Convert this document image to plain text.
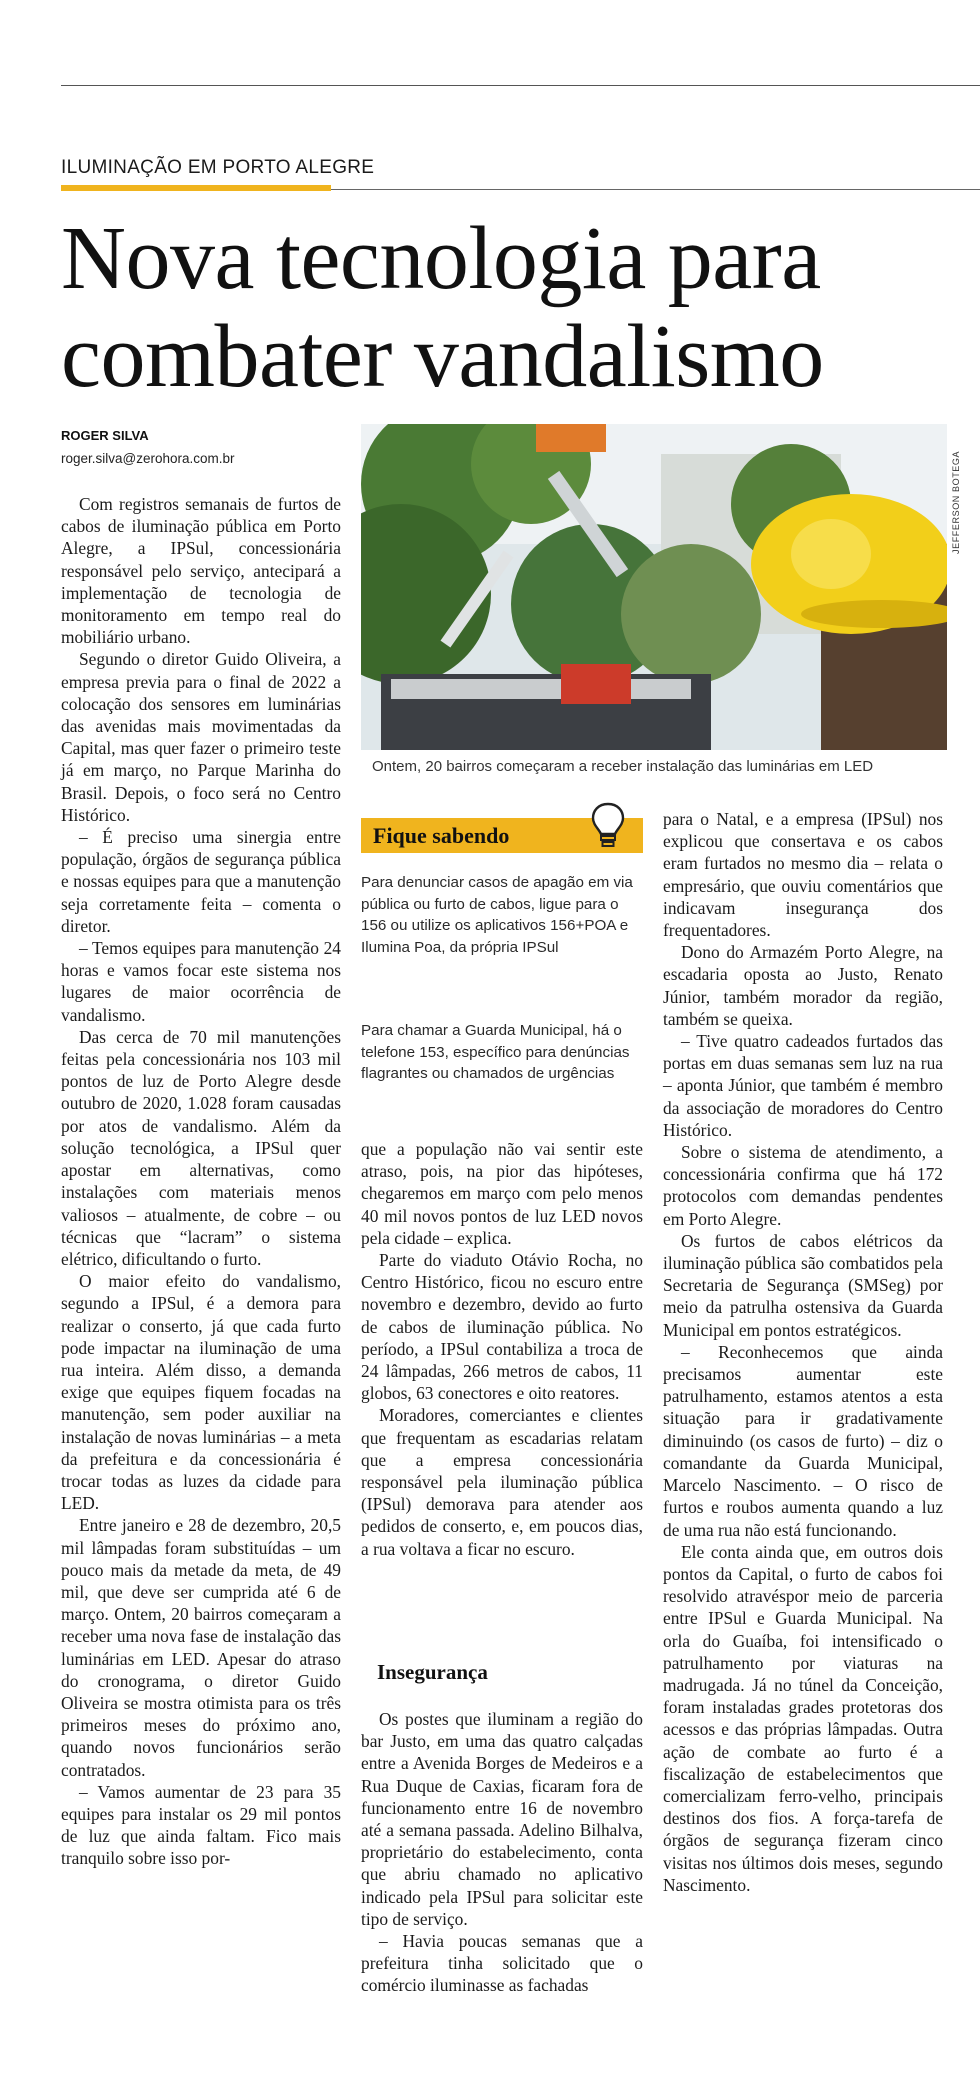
ILUMINAÇÃO EM PORTO ALEGRE
Nova tecnologia para
combater vandalismo
ROGER SILVA
roger.silva@zerohora.com.br

Com registros semanais de furtos de cabos de iluminação pública em Porto Alegre, a IPSul, concessionária responsável pelo serviço, antecipará a implementação de tecnologia de monitoramento em tempo real do mobiliário urbano.

Segundo o diretor Guido Oliveira, a empresa previa para o final de 2022 a colocação dos sensores em luminárias das avenidas mais movimentadas da Capital, mas quer fazer o primeiro teste já em março, no Parque Marinha do Brasil. Depois, o foco será no Centro Histórico.

– É preciso uma sinergia entre população, órgãos de segurança pública e nossas equipes para que a manutenção seja corretamente feita – comenta o diretor.

– Temos equipes para manutenção 24 horas e vamos focar este sistema nos lugares de maior ocorrência de vandalismo.

Das cerca de 70 mil manutenções feitas pela concessionária nos 103 mil pontos de luz de Porto Alegre desde outubro de 2020, 1.028 foram causadas por atos de vandalismo. Além da solução tecnológica, a IPSul quer apostar em alternativas, como instalações com materiais menos valiosos – atualmente, de cobre – ou técnicas que “lacram” o sistema elétrico, dificultando o furto.

O maior efeito do vandalismo, segundo a IPSul, é a demora para realizar o conserto, já que cada furto pode impactar na iluminação de uma rua inteira. Além disso, a demanda exige que equipes fiquem focadas na manutenção, sem poder auxiliar na instalação de novas luminárias – a meta da prefeitura e da concessionária é trocar todas as luzes da cidade para LED.

Entre janeiro e 28 de dezembro, 20,5 mil lâmpadas foram substituídas – um pouco mais da metade da meta, de 49 mil, que deve ser cumprida até 6 de março. Ontem, 20 bairros começaram a receber uma nova fase de instalação das luminárias em LED. Apesar do atraso do cronograma, o diretor Guido Oliveira se mostra otimista para os três primeiros meses do próximo ano, quando novos funcionários serão contratados.

– Vamos aumentar de 23 para 35 equipes para instalar os 29 mil pontos de luz que ainda faltam. Fico mais tranquilo sobre isso por-

JEFFERSON BOTEGA
Ontem, 20 bairros começaram a receber instalação das luminárias em LED
Fique sabendo
Para denunciar casos de apagão em via pública ou furto de cabos, ligue para o 156 ou utilize os aplicativos 156+POA e Ilumina Poa, da própria IPSul
Para chamar a Guarda Municipal, há o telefone 153, específico para denúncias flagrantes ou chamados de urgências

que a população não vai sentir este atraso, pois, na pior das hipóteses, chegaremos em março com pelo menos 40 mil novos pontos de luz LED novos pela cidade – explica.

Parte do viaduto Otávio Rocha, no Centro Histórico, ficou no escuro entre novembro e dezembro, devido ao furto de cabos de iluminação pública. No período, a IPSul contabiliza a troca de 24 lâmpadas, 266 metros de cabos, 11 globos, 63 conectores e oito reatores.

Moradores, comerciantes e clientes que frequentam as escadarias relatam que a empresa concessionária responsável pela iluminação pública (IPSul) demorava para atender aos pedidos de conserto, e, em poucos dias, a rua voltava a ficar no escuro.

Insegurança

Os postes que iluminam a região do bar Justo, em uma das quatro calçadas entre a Avenida Borges de Medeiros e a Rua Duque de Caxias, ficaram fora de funcionamento entre 16 de novembro até a semana passada. Adelino Bilhalva, proprietário do estabelecimento, conta que abriu chamado no aplicativo indicado pela IPSul para solicitar este tipo de serviço.

– Havia poucas semanas que a prefeitura tinha solicitado que o comércio iluminasse as fachadas

para o Natal, e a empresa (IPSul) nos explicou que consertava e os cabos eram furtados no mesmo dia – relata o empresário, que ouviu comentários que indicavam insegurança dos frequentadores.

Dono do Armazém Porto Alegre, na escadaria oposta ao Justo, Renato Júnior, também morador da região, também se queixa.

– Tive quatro cadeados furtados das portas em duas semanas sem luz na rua – aponta Júnior, que também é membro da associação de moradores do Centro Histórico.

Sobre o sistema de atendimento, a concessionária confirma que há 172 protocolos com demandas pendentes em Porto Alegre.

Os furtos de cabos elétricos da iluminação pública são combatidos pela Secretaria de Segurança (SMSeg) por meio da patrulha ostensiva da Guarda Municipal em pontos estratégicos.

– Reconhecemos que ainda precisamos aumentar este patrulhamento, estamos atentos a esta situação para ir gradativamente diminuindo (os casos de furto) – diz o comandante da Guarda Municipal, Marcelo Nascimento. – O risco de furtos e roubos aumenta quando a luz de uma rua não está funcionando.

Ele conta ainda que, em outros dois pontos da Capital, o furto de cabos foi resolvido atravéspor meio de parceria entre IPSul e Guarda Municipal. Na orla do Guaíba, foi intensificado o patrulhamento por viaturas na madrugada. Já no túnel da Conceição, foram instaladas grades protetoras dos acessos e das próprias lâmpadas. Outra ação de combate ao furto é a fiscalização de estabelecimentos que comercializam ferro-velho, principais destinos dos fios. A força-tarefa de órgãos de segurança fizeram cinco visitas nos últimos dois meses, segundo Nascimento.
